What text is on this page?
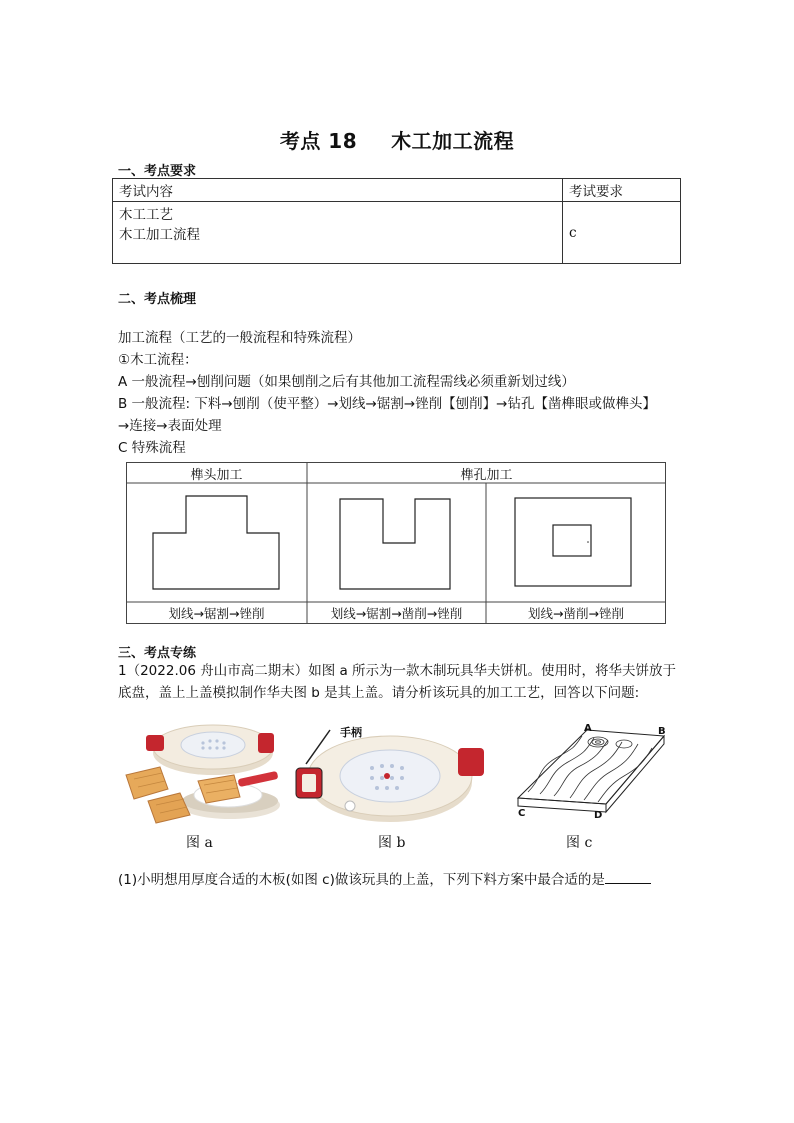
考点 18 木工加工流程
一、考点要求
考试内容	考试要求

木工工艺
木工加工流程	c
二、考点梳理
加工流程（工艺的一般流程和特殊流程）
①木工流程：
A 一般流程→刨削问题（如果刨削之后有其他加工流程需线必须重新划过线）
B 一般流程: 下料→刨削（使平整）→划线→锯割→锉削【刨削】→钻孔【凿榫眼或做榫头】
→连接→表面处理
C 特殊流程
榫头加工	榫孔加工
划线→锯割→锉削	划线→锯割→凿削→锉削	划线→凿削→锉削
三、考点专练
1（2022.06 舟山市高二期末）如图 a 所示为一款木制玩具华夫饼机。使用时，将华夫饼放于
底盘，盖上上盖模拟制作华夫图 b 是其上盖。请分析该玩具的加工工艺，回答以下问题:
图 a
手柄
图 b
A	B
C	D
图 c
(1)小明想用厚度合适的木板(如图 c)做该玩具的上盖，下列下料方案中最合适的是
